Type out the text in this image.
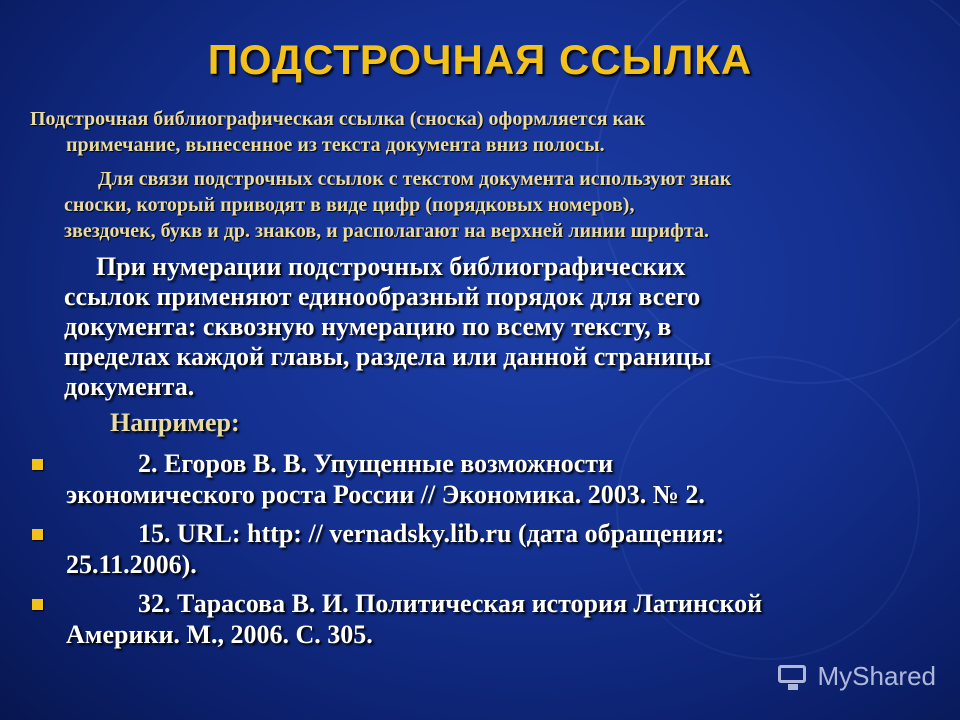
ПОДСТРОЧНАЯ ССЫЛКА
Подстрочная библиографическая ссылка (сноска) оформляется как
примечание, вынесенное из текста документа вниз полосы.
Для связи подстрочных ссылок с текстом документа используют знак
сноски, который приводят в виде цифр (порядковых номеров),
звездочек, букв и др. знаков, и располагают на верхней линии шрифта.
При нумерации подстрочных библиографических
ссылок применяют единообразный порядок для всего
документа: сквозную нумерацию по всему тексту, в
пределах каждой главы, раздела или данной страницы
документа.
Например:
2. Егоров В. В. Упущенные возможности
экономического роста России // Экономика. 2003. № 2.
15. URL: http: // vernadsky.lib.ru (дата обращения:
25.11.2006).
32. Тарасова В. И. Политическая история Латинской
Америки. М., 2006. С. 305.
MyShared
